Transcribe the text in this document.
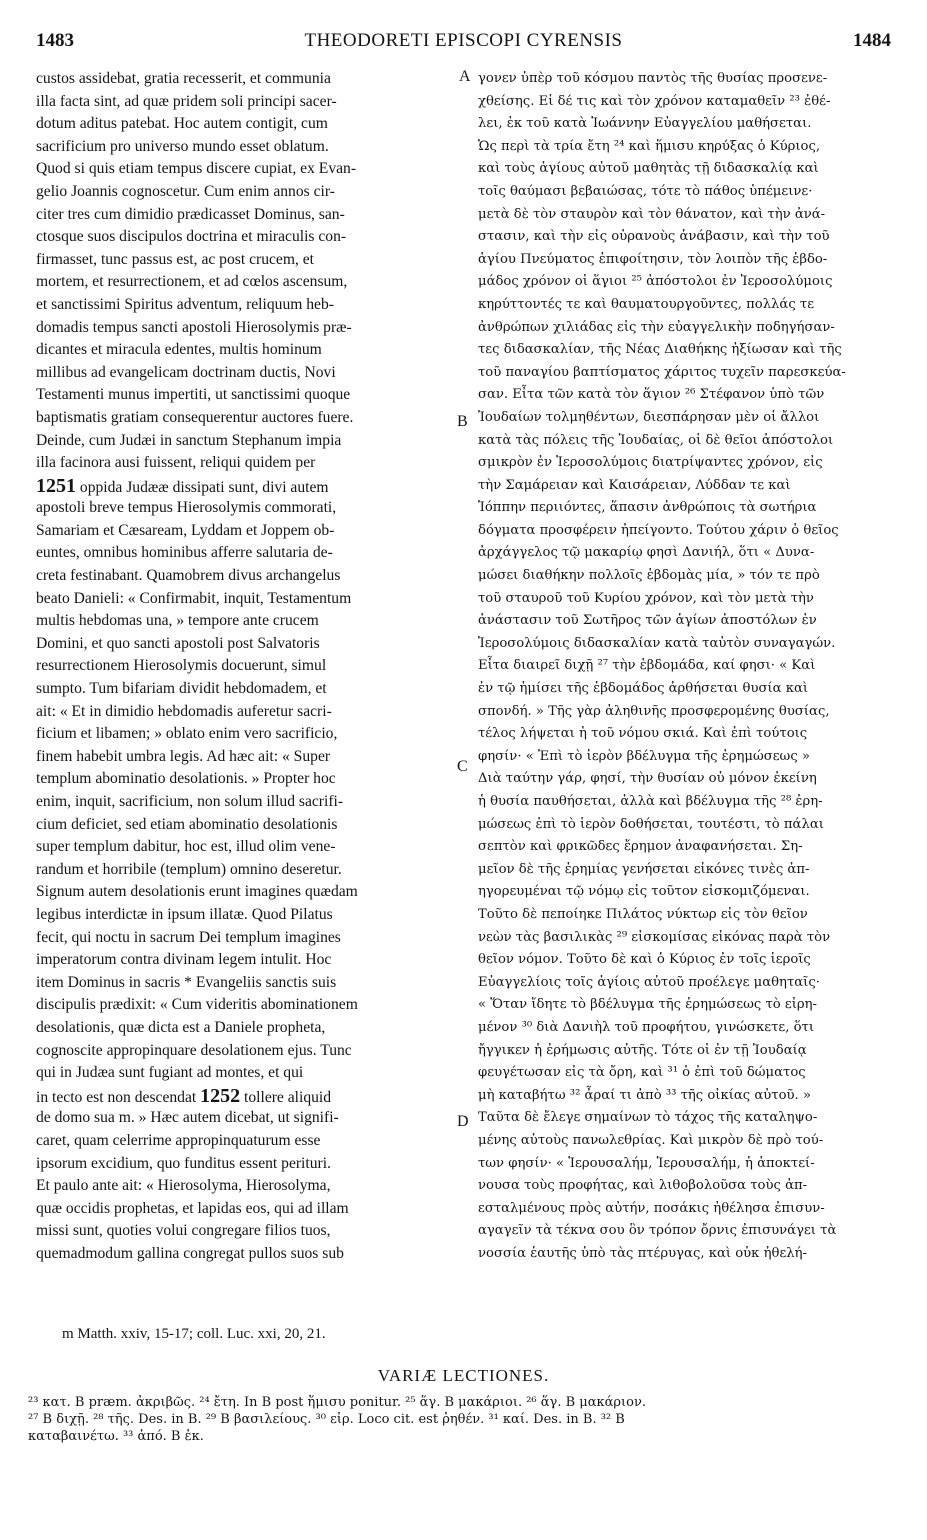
1483	THEODORETI EPISCOPI CYRENSIS	1484
custos assidebat, gratia recesserit, et communia
illa facta sint, ad quæ pridem soli principi sacer-
dotum aditus patebat. Hoc autem contigit, cum
sacrificium pro universo mundo esset oblatum.
Quod si quis etiam tempus discere cupiat, ex Evan-
gelio Joannis cognoscetur. Cum enim annos cir-
citer tres cum dimidio prædicasset Dominus, san-
ctosque suos discipulos doctrina et miraculis con-
firmasset, tunc passus est, ac post crucem, et
mortem, et resurrectionem, et ad cœlos ascensum,
et sanctissimi Spiritus adventum, reliquum heb-
domadis tempus sancti apostoli Hierosolymis præ-
dicantes et miracula edentes, multis hominum
millibus ad evangelicam doctrinam ductis, Novi
Testamenti munus impertiti, ut sanctissimi quoque
baptismatis gratiam consequerentur auctores fuere.
Deinde, cum Judæi in sanctum Stephanum impia
illa facinora ausi fuissent, reliqui quidem per
1251 oppida Judææ dissipati sunt, divi autem
apostoli breve tempus Hierosolymis commorati,
Samariam et Cæsaream, Lyddam et Joppem ob-
euntes, omnibus hominibus afferre salutaria de-
creta festinabant. Quamobrem divus archangelus
beato Danieli: « Confirmabit, inquit, Testamentum
multis hebdomas una, » tempore ante crucem
Domini, et quo sancti apostoli post Salvatoris
resurrectionem Hierosolymis docuerunt, simul
sumpto. Tum bifariam dividit hebdomadem, et
ait: « Et in dimidio hebdomadis auferetur sacri-
ficium et libamen; » oblato enim vero sacrificio,
finem habebit umbra legis. Ad hæc ait: « Super
templum abominatio desolationis. » Propter hoc
enim, inquit, sacrificium, non solum illud sacrifi-
cium deficiet, sed etiam abominatio desolationis
super templum dabitur, hoc est, illud olim vene-
randum et horribile (templum) omnino deseretur.
Signum autem desolationis erunt imagines quædam
legibus interdictæ in ipsum illatæ. Quod Pilatus
fecit, qui noctu in sacrum Dei templum imagines
imperatorum contra divinam legem intulit. Hoc
item Dominus in sacris * Evangeliis sanctis suis
discipulis prædixit: « Cum videritis abominationem
desolationis, quæ dicta est a Daniele propheta,
cognoscite appropinquare desolationem ejus. Tunc
qui in Judæa sunt fugiant ad montes, et qui
in tecto est non descendat 1252 tollere aliquid
de domo sua m. » Hæc autem dicebat, ut signifi-
caret, quam celerrime appropinquaturum esse
ipsorum excidium, quo funditus essent perituri.
Et paulo ante ait: « Hierosolyma, Hierosolyma,
quæ occidis prophetas, et lapidas eos, qui ad illam
missi sunt, quoties volui congregare filios tuos,
quemadmodum gallina congregat pullos suos sub
γονεν ὑπὲρ τοῦ κόσμου παντὸς τῆς θυσίας προσενε-
χθείσης. Εἰ δέ τις καὶ τὸν χρόνον καταμαθεῖν ²³ ἐθέ-
λει, ἐκ τοῦ κατὰ Ἰωάννην Εὐαγγελίου μαθήσεται.
Ὡς περὶ τὰ τρία ἔτη ²⁴ καὶ ἥμισυ κηρύξας ὁ Κύριος,
καὶ τοὺς ἁγίους αὐτοῦ μαθητὰς τῇ διδασκαλίᾳ καὶ
τοῖς θαύμασι βεβαιώσας, τότε τὸ πάθος ὑπέμεινε·
μετὰ δὲ τὸν σταυρὸν καὶ τὸν θάνατον, καὶ τὴν ἀνά-
στασιν, καὶ τὴν εἰς οὐρανοὺς ἀνάβασιν, καὶ τὴν τοῦ
ἁγίου Πνεύματος ἐπιφοίτησιν, τὸν λοιπὸν τῆς ἑβδο-
μάδος χρόνον οἱ ἅγιοι ²⁵ ἀπόστολοι ἐν Ἱεροσολύμοις
κηρύττοντές τε καὶ θαυματουργοῦντες, πολλάς τε
ἀνθρώπων χιλιάδας εἰς τὴν εὐαγγελικὴν ποδηγήσαν-
τες διδασκαλίαν, τῆς Νέας Διαθήκης ἠξίωσαν καὶ τῆς
τοῦ παναγίου βαπτίσματος χάριτος τυχεῖν παρεσκεύα-
σαν. Εἶτα τῶν κατὰ τὸν ἅγιον ²⁶ Στέφανον ὑπὸ τῶν
Ἰουδαίων τολμηθέντων, διεσπάρησαν μὲν οἱ ἄλλοι
κατὰ τὰς πόλεις τῆς Ἰουδαίας, οἱ δὲ θεῖοι ἀπόστολοι
σμικρὸν ἐν Ἱεροσολύμοις διατρίψαντες χρόνον, εἰς
τὴν Σαμάρειαν καὶ Καισάρειαν, Λύδδαν τε καὶ
Ἰόππην περιιόντες, ἅπασιν ἀνθρώποις τὰ σωτήρια
δόγματα προσφέρειν ἠπείγοντο. Τούτου χάριν ὁ θεῖος
ἀρχάγγελος τῷ μακαρίῳ φησὶ Δανιήλ, ὅτι « Δυνα-
μώσει διαθήκην πολλοῖς ἑβδομὰς μία, » τόν τε πρὸ
τοῦ σταυροῦ τοῦ Κυρίου χρόνον, καὶ τὸν μετὰ τὴν
ἀνάστασιν τοῦ Σωτῆρος τῶν ἁγίων ἀποστόλων ἐν
Ἱεροσολύμοις διδασκαλίαν κατὰ ταὐτὸν συναγαγών.
Εἶτα διαιρεῖ διχῇ ²⁷ τὴν ἑβδομάδα, καί φησι· « Καὶ
ἐν τῷ ἡμίσει τῆς ἑβδομάδος ἀρθήσεται θυσία καὶ
σπονδή. » Τῆς γὰρ ἀληθινῆς προσφερομένης θυσίας,
τέλος λήψεται ἡ τοῦ νόμου σκιά. Καὶ ἐπὶ τούτοις
φησίν· « Ἐπὶ τὸ ἱερὸν βδέλυγμα τῆς ἐρημώσεως »
Διὰ ταύτην γάρ, φησί, τὴν θυσίαν οὐ μόνον ἐκείνη
ἡ θυσία παυθήσεται, ἀλλὰ καὶ βδέλυγμα τῆς ²⁸ ἐρη-
μώσεως ἐπὶ τὸ ἱερὸν δοθήσεται, τουτέστι, τὸ πάλαι
σεπτὸν καὶ φρικῶδες ἔρημον ἀναφανήσεται. Ση-
μεῖον δὲ τῆς ἐρημίας γενήσεται εἰκόνες τινὲς ἀπ-
ηγορευμέναι τῷ νόμῳ εἰς τοῦτον εἰσκομιζόμεναι.
Τοῦτο δὲ πεποίηκε Πιλάτος νύκτωρ εἰς τὸν θεῖον
νεὼν τὰς βασιλικὰς ²⁹ εἰσκομίσας εἰκόνας παρὰ τὸν
θεῖον νόμον. Τοῦτο δὲ καὶ ὁ Κύριος ἐν τοῖς ἱεροῖς
Εὐαγγελίοις τοῖς ἁγίοις αὐτοῦ προέλεγε μαθηταῖς·
« Ὅταν ἴδητε τὸ βδέλυγμα τῆς ἐρημώσεως τὸ εἰρη-
μένον ³⁰ διὰ Δανιὴλ τοῦ προφήτου, γινώσκετε, ὅτι
ἤγγικεν ἡ ἐρήμωσις αὐτῆς. Τότε οἱ ἐν τῇ Ἰουδαίᾳ
φευγέτωσαν εἰς τὰ ὄρη, καὶ ³¹ ὁ ἐπὶ τοῦ δώματος
μὴ καταβήτω ³² ἆραί τι ἀπὸ ³³ τῆς οἰκίας αὐτοῦ. »
Ταῦτα δὲ ἔλεγε σημαίνων τὸ τάχος τῆς καταληψο-
μένης αὐτοὺς πανωλεθρίας. Καὶ μικρὸν δὲ πρὸ τού-
των φησίν· « Ἱερουσαλήμ, Ἱερουσαλήμ, ἡ ἀποκτεί-
νουσα τοὺς προφήτας, καὶ λιθοβολοῦσα τοὺς ἀπ-
εσταλμένους πρὸς αὐτήν, ποσάκις ἠθέλησα ἐπισυν-
αγαγεῖν τὰ τέκνα σου ὃν τρόπον ὄρνις ἐπισυνάγει τὰ
νοσσία ἑαυτῆς ὑπὸ τὰς πτέρυγας, καὶ οὐκ ἠθελή-
A
B
C
D
m Matth. xxiv, 15-17; coll. Luc. xxi, 20, 21.
VARIÆ LECTIONES.
²³ κατ. B præm. ἀκριβῶς. ²⁴ ἔτη. In B post ἥμισυ ponitur. ²⁵ ἅγ. B μακάριοι. ²⁶ ἅγ. B μακάριον.
²⁷ B διχῇ. ²⁸ τῆς. Des. in B. ²⁹ B βασιλείους. ³⁰ εἰρ. Loco cit. est ῥηθέν. ³¹ καί. Des. in B. ³² B
καταβαινέτω. ³³ ἀπό. B ἐκ.
